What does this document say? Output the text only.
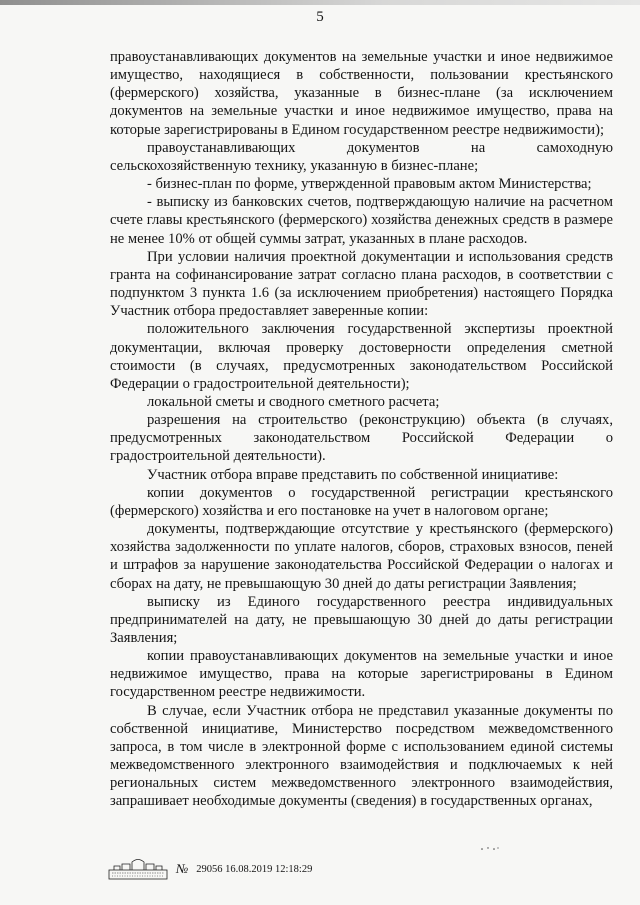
5

правоустанавливающих документов на земельные участки и иное недвижимое имущество, находящиеся в собственности, пользовании крестьянского (фермерского) хозяйства, указанные в бизнес-плане (за исключением документов на земельные участки и иное недвижимое имущество, права на которые зарегистрированы в Едином государственном реестре недвижимости);

правоустанавливающих документов на самоходную сельскохозяйственную технику, указанную в бизнес-плане;

- бизнес-план по форме, утвержденной правовым актом Министерства;

- выписку из банковских счетов, подтверждающую наличие на расчетном счете главы крестьянского (фермерского) хозяйства денежных средств в размере не менее 10% от общей суммы затрат, указанных в плане расходов.

При условии наличия проектной документации и использования средств гранта на софинансирование затрат согласно плана расходов, в соответствии с подпунктом 3 пункта 1.6 (за исключением приобретения) настоящего Порядка Участник отбора предоставляет заверенные копии:

положительного заключения государственной экспертизы проектной документации, включая проверку достоверности определения сметной стоимости (в случаях, предусмотренных законодательством Российской Федерации о градостроительной деятельности);

локальной сметы и сводного сметного расчета;

разрешения на строительство (реконструкцию) объекта (в случаях, предусмотренных законодательством Российской Федерации о градостроительной деятельности).

Участник отбора вправе представить по собственной инициативе:

копии документов о государственной регистрации крестьянского (фермерского) хозяйства и его постановке на учет в налоговом органе;

документы, подтверждающие отсутствие у крестьянского (фермерского) хозяйства задолженности по уплате налогов, сборов, страховых взносов, пеней и штрафов за нарушение законодательства Российской Федерации о налогах и сборах на дату, не превышающую 30 дней до даты регистрации Заявления;

выписку из Единого государственного реестра индивидуальных предпринимателей на дату, не превышающую 30 дней до даты регистрации Заявления;

копии правоустанавливающих документов на земельные участки и иное недвижимое имущество, права на которые зарегистрированы в Едином государственном реестре недвижимости.

В случае, если Участник отбора не представил указанные документы по собственной инициативе, Министерство посредством межведомственного запроса, в том числе в электронной форме с использованием единой системы межведомственного электронного взаимодействия и подключаемых к ней региональных систем межведомственного электронного взаимодействия, запрашивает необходимые документы (сведения) в государственных органах,

№ 29056 16.08.2019 12:18:29
